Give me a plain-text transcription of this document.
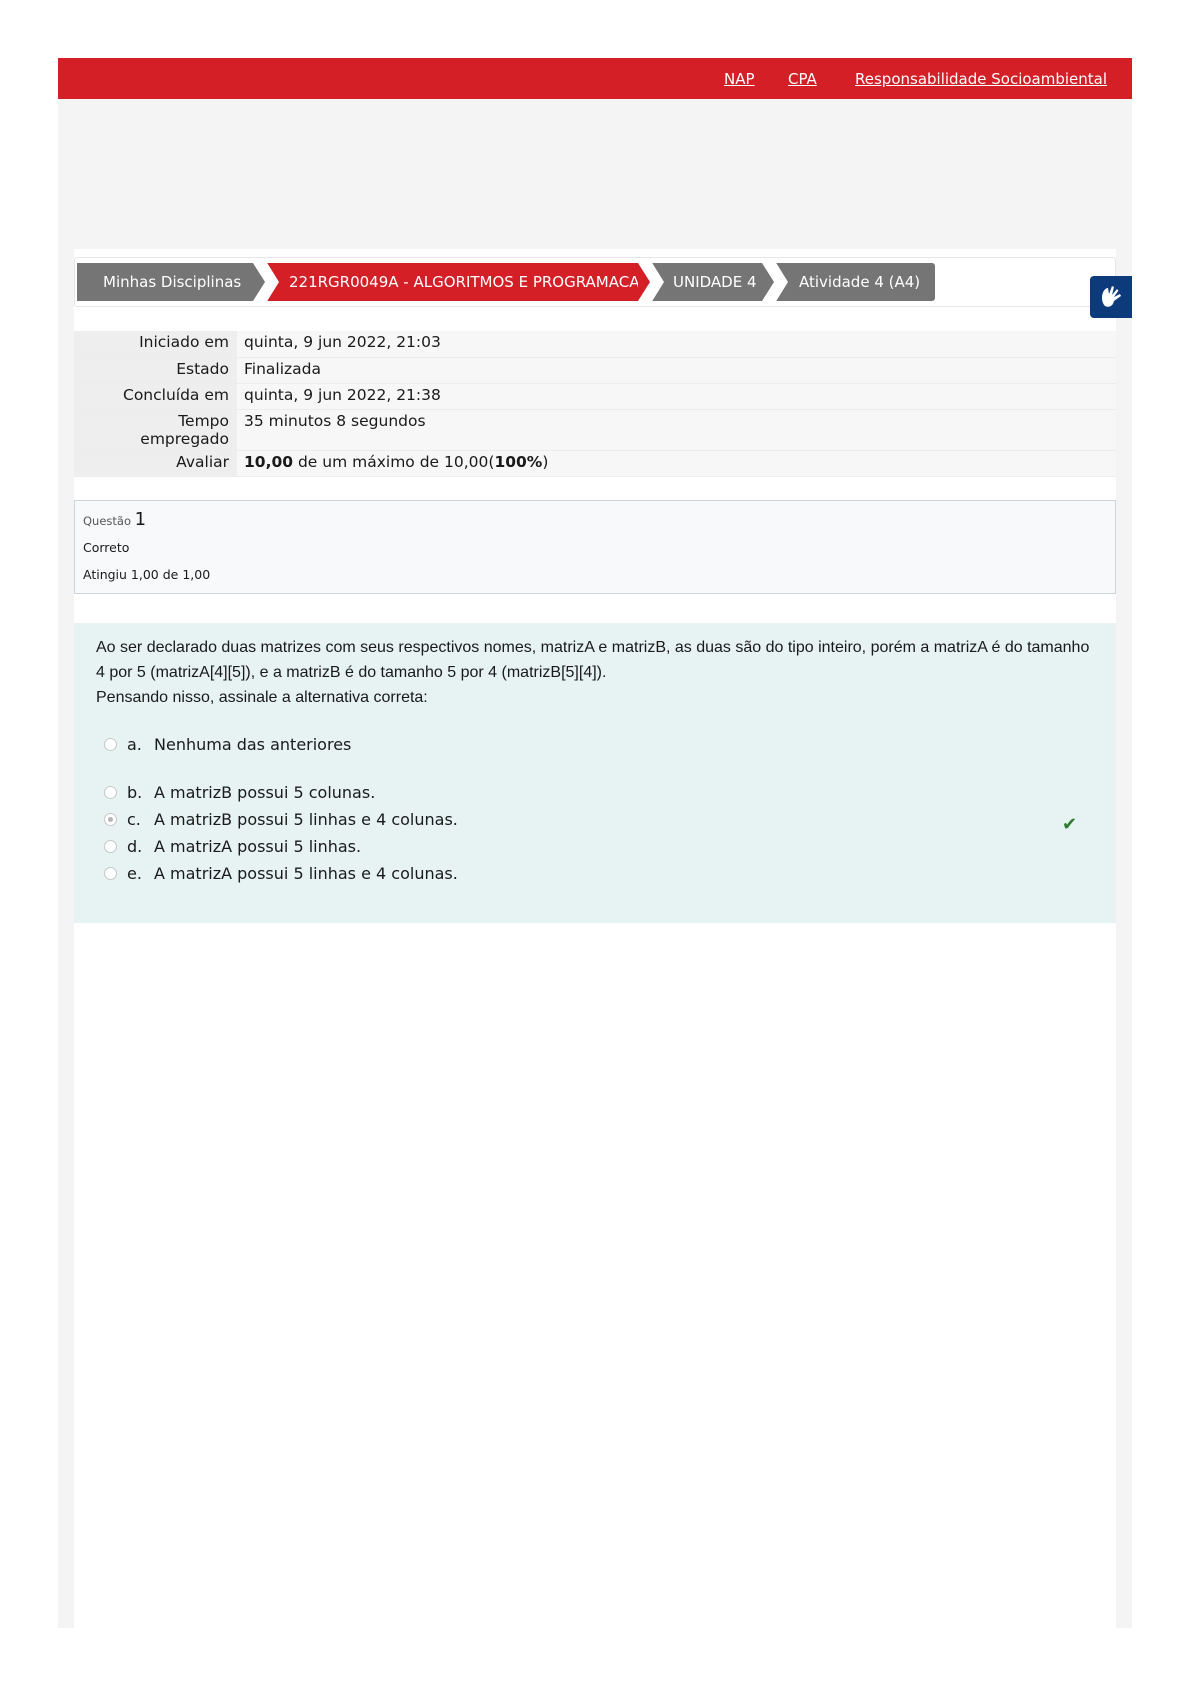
NAP CPA	Responsabilidade Socioambiental
Minhas Disciplinas	221RGR0049A - ALGORITMOS E PROGRAMACAO UNIDADE 4	Atividade 4 (A4)
Iniciado em	quinta, 9 jun 2022, 21:03
Estado	Finalizada
Concluída em	quinta, 9 jun 2022, 21:38
Tempo
empregado	35 minutos 8 segundos
Avaliar	10,00 de um máximo de 10,00(100%)
Questão 1
Correto
Atingiu 1,00 de 1,00

Ao ser declarado duas matrizes com seus respectivos nomes, matrizA e matrizB, as duas são do tipo inteiro, porém a matrizA é do tamanho 4 por 5 (matrizA[4][5]), e a matrizB é do tamanho 5 por 4 (matrizB[5][4]).

Pensando nisso, assinale a alternativa correta:

a. Nenhuma das anteriores
b. A matrizB possui 5 colunas.
c. A matrizB possui 5 linhas e 4 colunas.
d. A matrizA possui 5 linhas.
e. A matrizA possui 5 linhas e 4 colunas.
✔
